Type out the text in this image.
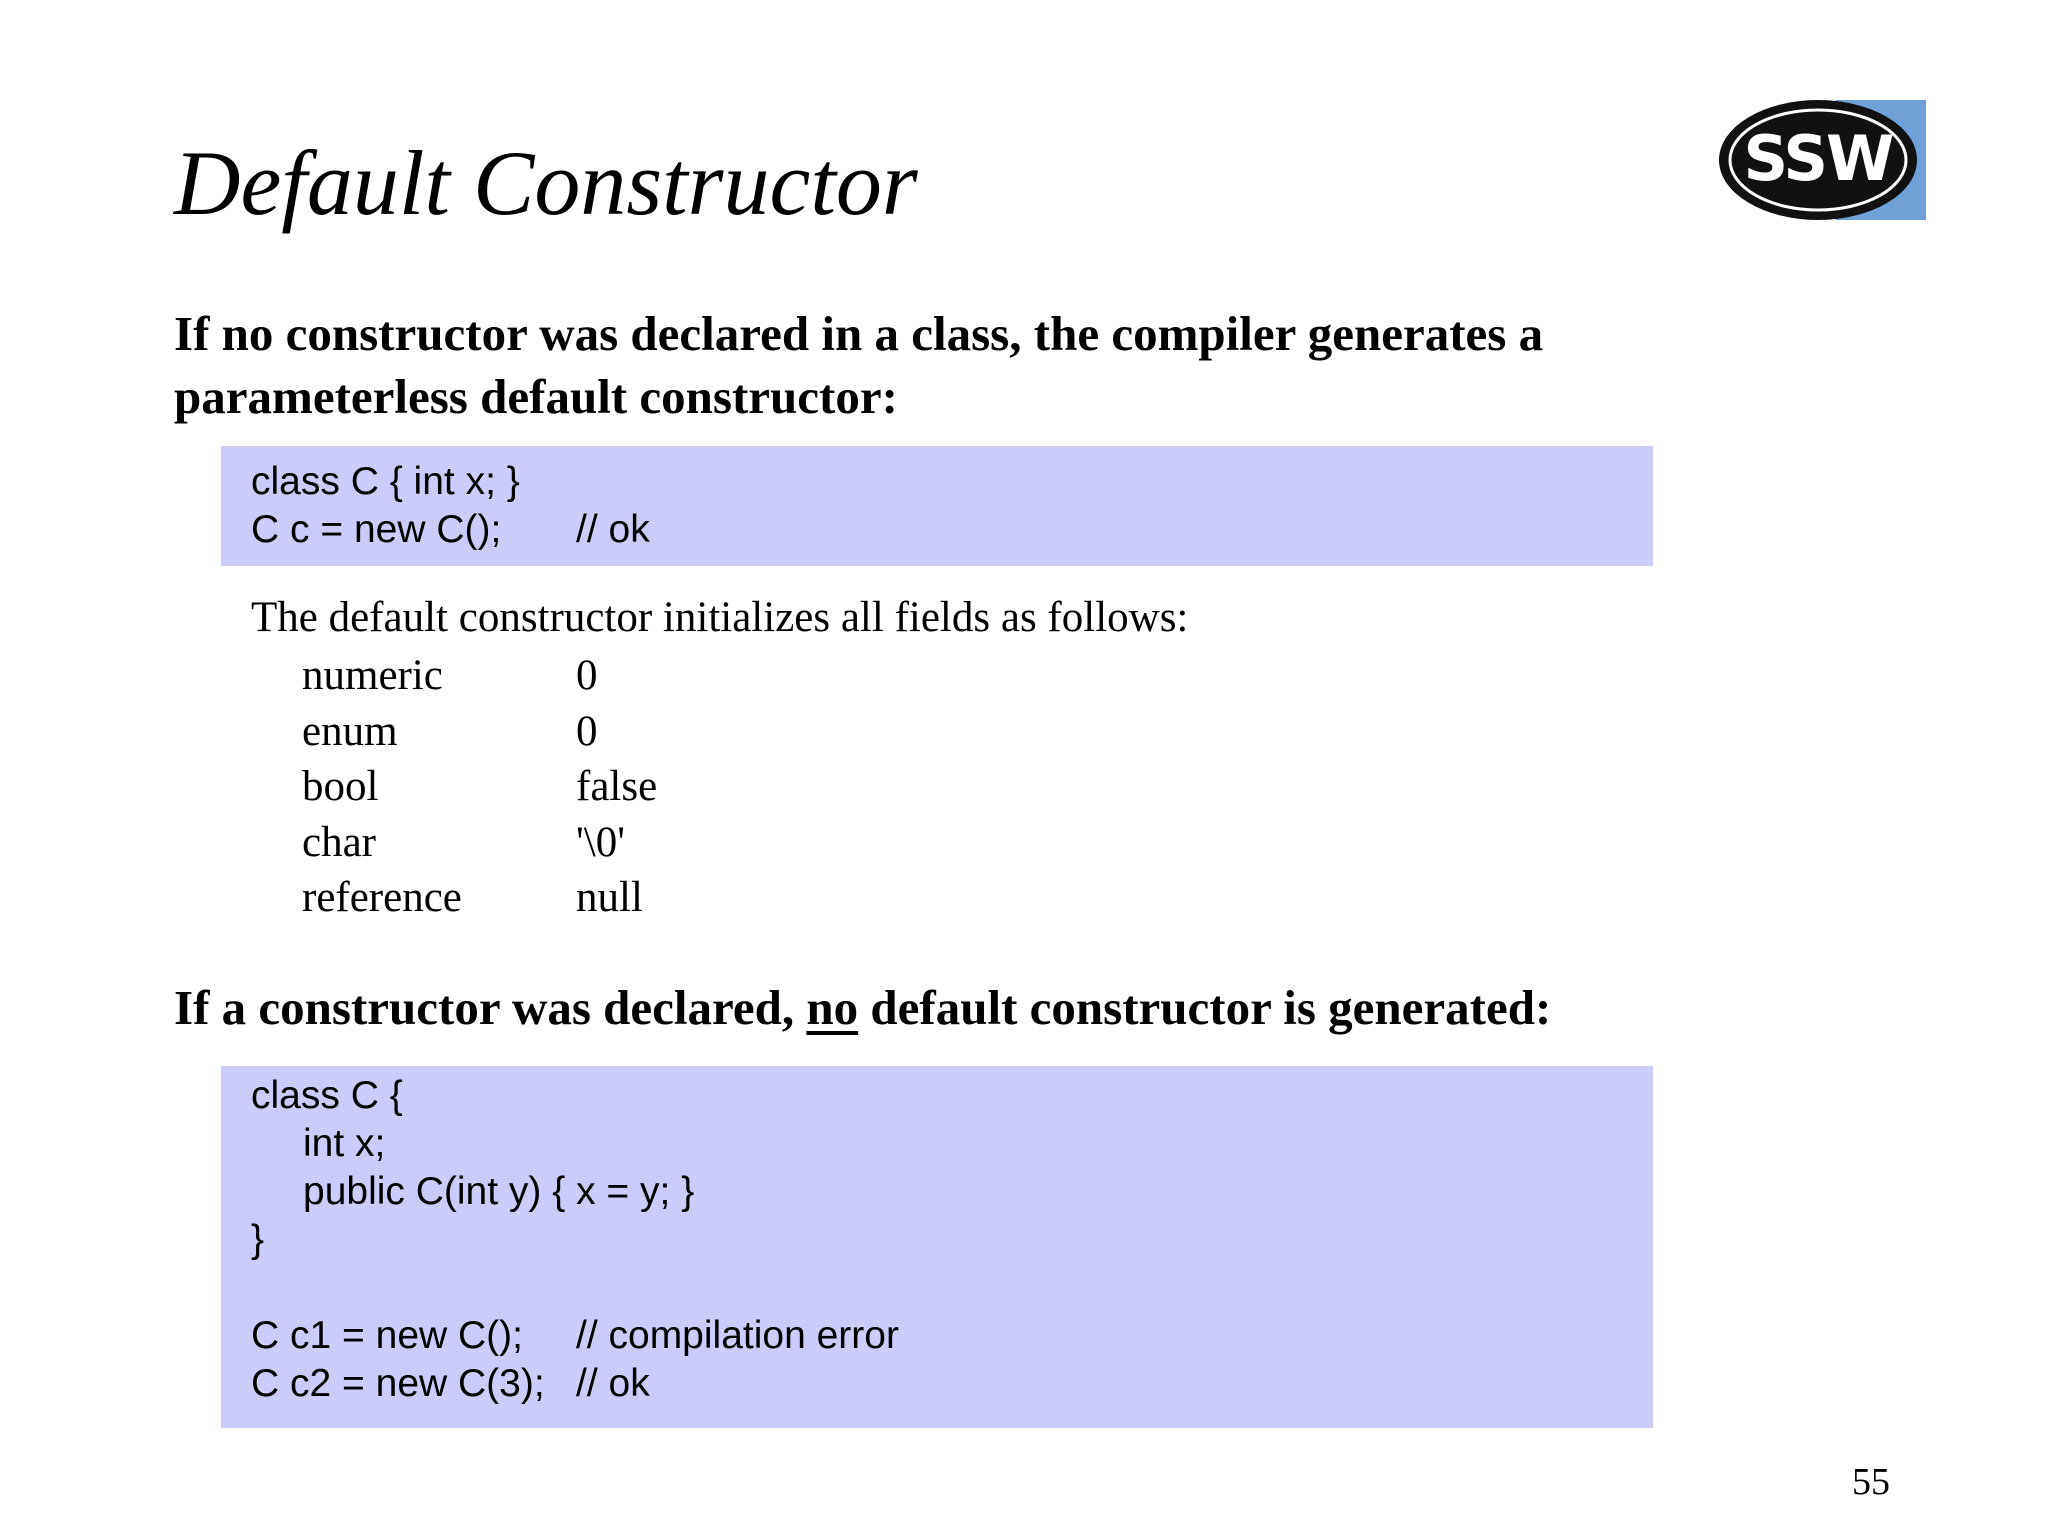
Default Constructor	SSW
If no constructor was declared in a class, the compiler generates a parameterless default constructor:
class C { int x; }
C c = new C(); // ok
The default constructor initializes all fields as follows:
numeric	0
enum	0
bool	false
char	'\0'
reference	null
If a constructor was declared, no default constructor is generated:
class C {
int x;
public C(int y) { x = y; }
}
C c1 = new C(); // compilation error
C c2 = new C(3); // ok
55
